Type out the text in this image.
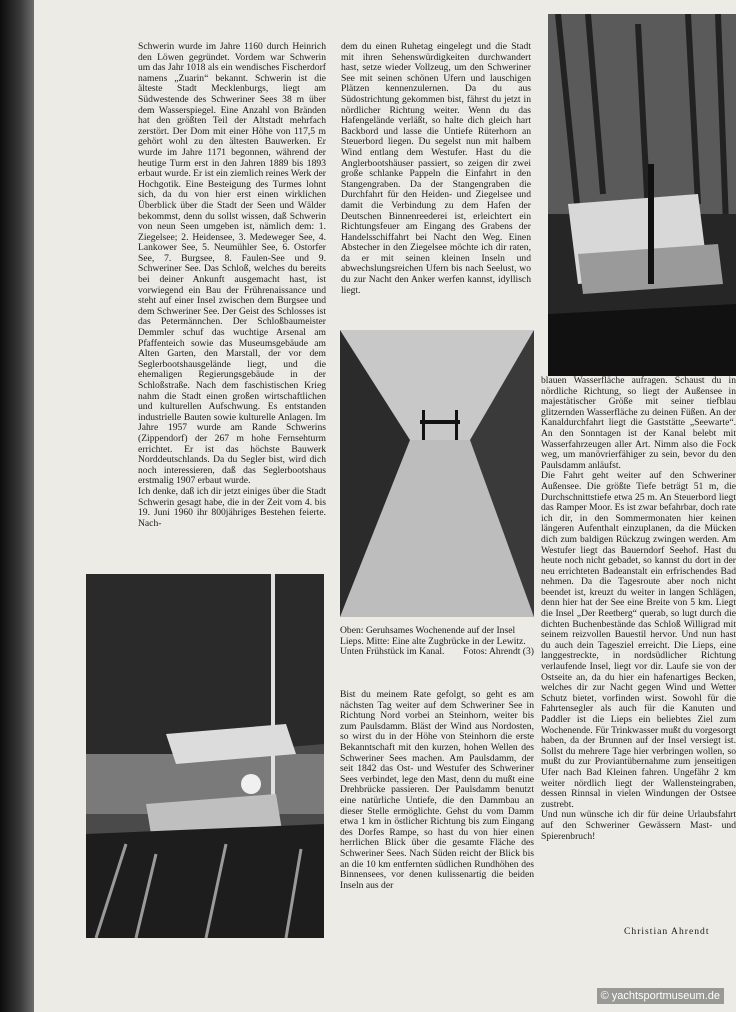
Schwerin wurde im Jahre 1160 durch Heinrich den Löwen gegründet. Vordem war Schwerin um das Jahr 1018 als ein wendisches Fischerdorf namens „Zuarin“ bekannt. Schwerin ist die älteste Stadt Mecklenburgs, liegt am Südwestende des Schweriner Sees 38 m über dem Wasserspiegel. Eine Anzahl von Bränden hat den größten Teil der Altstadt mehrfach zerstört. Der Dom mit einer Höhe von 117,5 m gehört wohl zu den ältesten Bauwerken. Er wurde im Jahre 1171 begonnen, während der heutige Turm erst in den Jahren 1889 bis 1893 erbaut wurde. Er ist ein ziemlich reines Werk der Hochgotik. Eine Besteigung des Turmes lohnt sich, da du von hier erst einen wirklichen Überblick über die Stadt der Seen und Wälder bekommst, denn du sollst wissen, daß Schwerin von neun Seen umgeben ist, nämlich dem: 1. Ziegelsee; 2. Heidensee, 3. Medeweger See, 4. Lankower See, 5. Neumühler See, 6. Ostorfer See, 7. Burgsee, 8. Faulen-See und 9. Schweriner See. Das Schloß, welches du bereits bei deiner Ankunft ausgemacht hast, ist vorwiegend ein Bau der Frührenaissance und steht auf einer Insel zwischen dem Burgsee und dem Schweriner See. Der Geist des Schlosses ist das Petermännchen. Der Schloßbaumeister Demmler schuf das wuchtige Arsenal am Pfaffenteich sowie das Museumsgebäude am Alten Garten, den Marstall, der vor dem Seglerbootshausgelände liegt, und die ehemaligen Regierungsgebäude in der Schloßstraße. Nach dem faschistischen Krieg nahm die Stadt einen großen wirtschaftlichen und kulturellen Aufschwung. Es entstanden industrielle Bauten sowie kulturelle Anlagen. Im Jahre 1957 wurde am Rande Schwerins (Zippendorf) der 267 m hohe Fernsehturm errichtet. Er ist das höchste Bauwerk Norddeutschlands. Da du Segler bist, wird dich noch interessieren, daß das Seglerbootshaus erstmalig 1907 erbaut wurde.

Ich denke, daß ich dir jetzt einiges über die Stadt Schwerin gesagt habe, die in der Zeit vom 4. bis 19. Juni 1960 ihr 800jähriges Bestehen feierte. Nach-

dem du einen Ruhetag eingelegt und die Stadt mit ihren Sehenswürdigkeiten durchwandert hast, setze wieder Vollzeug, um den Schweriner See mit seinen schönen Ufern und lauschigen Plätzen kennenzulernen. Da du aus Südostrichtung gekommen bist, fährst du jetzt in nördlicher Richtung weiter. Wenn du das Hafengelände verläßt, so halte dich gleich hart Backbord und lasse die Untiefe Rüterhorn an Steuerbord liegen. Du segelst nun mit halbem Wind entlang dem Westufer. Hast du die Anglerbootshäuser passiert, so zeigen dir zwei große schlanke Pappeln die Einfahrt in den Stangengraben. Da der Stangengraben die Durchfahrt für den Heiden- und Ziegelsee und damit die Verbindung zu dem Hafen der Deutschen Binnenreederei ist, erleichtert ein Richtungsfeuer am Eingang des Grabens der Handelsschiffahrt bei Nacht den Weg. Einen Abstecher in den Ziegelsee möchte ich dir raten, da er mit seinen kleinen Inseln und abwechslungsreichen Ufern bis nach Seelust, wo du zur Nacht den Anker werfen kannst, idyllisch liegt.

Oben: Geruhsames Wochenende auf der Insel Lieps. Mitte: Eine alte Zugbrücke in der Lewitz. Unten Frühstück im Kanal. Fotos: Ahrendt (3)

Bist du meinem Rate gefolgt, so geht es am nächsten Tag weiter auf dem Schweriner See in Richtung Nord vorbei an Steinhorn, weiter bis zum Paulsdamm. Bläst der Wind aus Nordosten, so wirst du in der Höhe von Steinhorn die erste Bekanntschaft mit den kurzen, hohen Wellen des Schweriner Sees machen. Am Paulsdamm, der seit 1842 das Ost- und Westufer des Schweriner Sees verbindet, lege den Mast, denn du mußt eine Drehbrücke passieren. Der Paulsdamm benutzt eine natürliche Untiefe, die den Dammbau an dieser Stelle ermöglichte. Gehst du vom Damm etwa 1 km in östlicher Richtung bis zum Eingang des Dorfes Rampe, so hast du von hier einen herrlichen Blick über die gesamte Fläche des Schweriner Sees. Nach Süden reicht der Blick bis an die 10 km entfernten südlichen Rundhöhen des Binnensees, vor denen kulissenartig die beiden Inseln aus der

blauen Wasserfläche aufragen. Schaust du in nördliche Richtung, so liegt der Außensee in majestätischer Größe mit seiner tiefblau glitzernden Wasserfläche zu deinen Füßen. An der Kanaldurchfahrt liegt die Gaststätte „Seewarte“. An den Sonntagen ist der Kanal belebt mit Wasserfahrzeugen aller Art. Nimm also die Fock weg, um manövrierfähiger zu sein, bevor du den Paulsdamm anläufst.

Die Fahrt geht weiter auf den Schweriner Außensee. Die größte Tiefe beträgt 51 m, die Durchschnittstiefe etwa 25 m. An Steuerbord liegt das Ramper Moor. Es ist zwar befahrbar, doch rate ich dir, in den Sommermonaten hier keinen längeren Aufenthalt einzuplanen, da die Mücken dich zum baldigen Rückzug zwingen werden. Am Westufer liegt das Bauerndorf Seehof. Hast du heute noch nicht gebadet, so kannst du dort in der neu errichteten Badeanstalt ein erfrischendes Bad nehmen. Da die Tagesroute aber noch nicht beendet ist, kreuzt du weiter in langen Schlägen, denn hier hat der See eine Breite von 5 km. Liegt die Insel „Der Reetberg“ querab, so lugt durch die dichten Buchenbestände das Schloß Willigrad mit seinem reizvollen Bauestil hervor. Und nun hast du auch dein Tagesziel erreicht. Die Lieps, eine langgestreckte, in nordsüdlicher Richtung verlaufende Insel, liegt vor dir. Laufe sie von der Ostseite an, da du hier ein hafenartiges Becken, welches dir zur Nacht gegen Wind und Wetter Schutz bietet, vorfinden wirst. Sowohl für die Fahrtensegler als auch für die Kanuten und Paddler ist die Lieps ein beliebtes Ziel zum Wochenende. Für Trinkwasser mußt du vorgesorgt haben, da der Brunnen auf der Insel versiegt ist. Sollst du mehrere Tage hier verbringen wollen, so mußt du zur Proviantübernahme zum jenseitigen Ufer nach Bad Kleinen fahren. Ungefähr 2 km weiter nördlich liegt der Wallensteingraben, dessen Rinnsal in vielen Windungen der Ostsee zustrebt.

Und nun wünsche ich dir für deine Urlaubsfahrt auf den Schweriner Gewässern Mast- und Spierenbruch!

Christian Ahrendt
© yachtsportmuseum.de
